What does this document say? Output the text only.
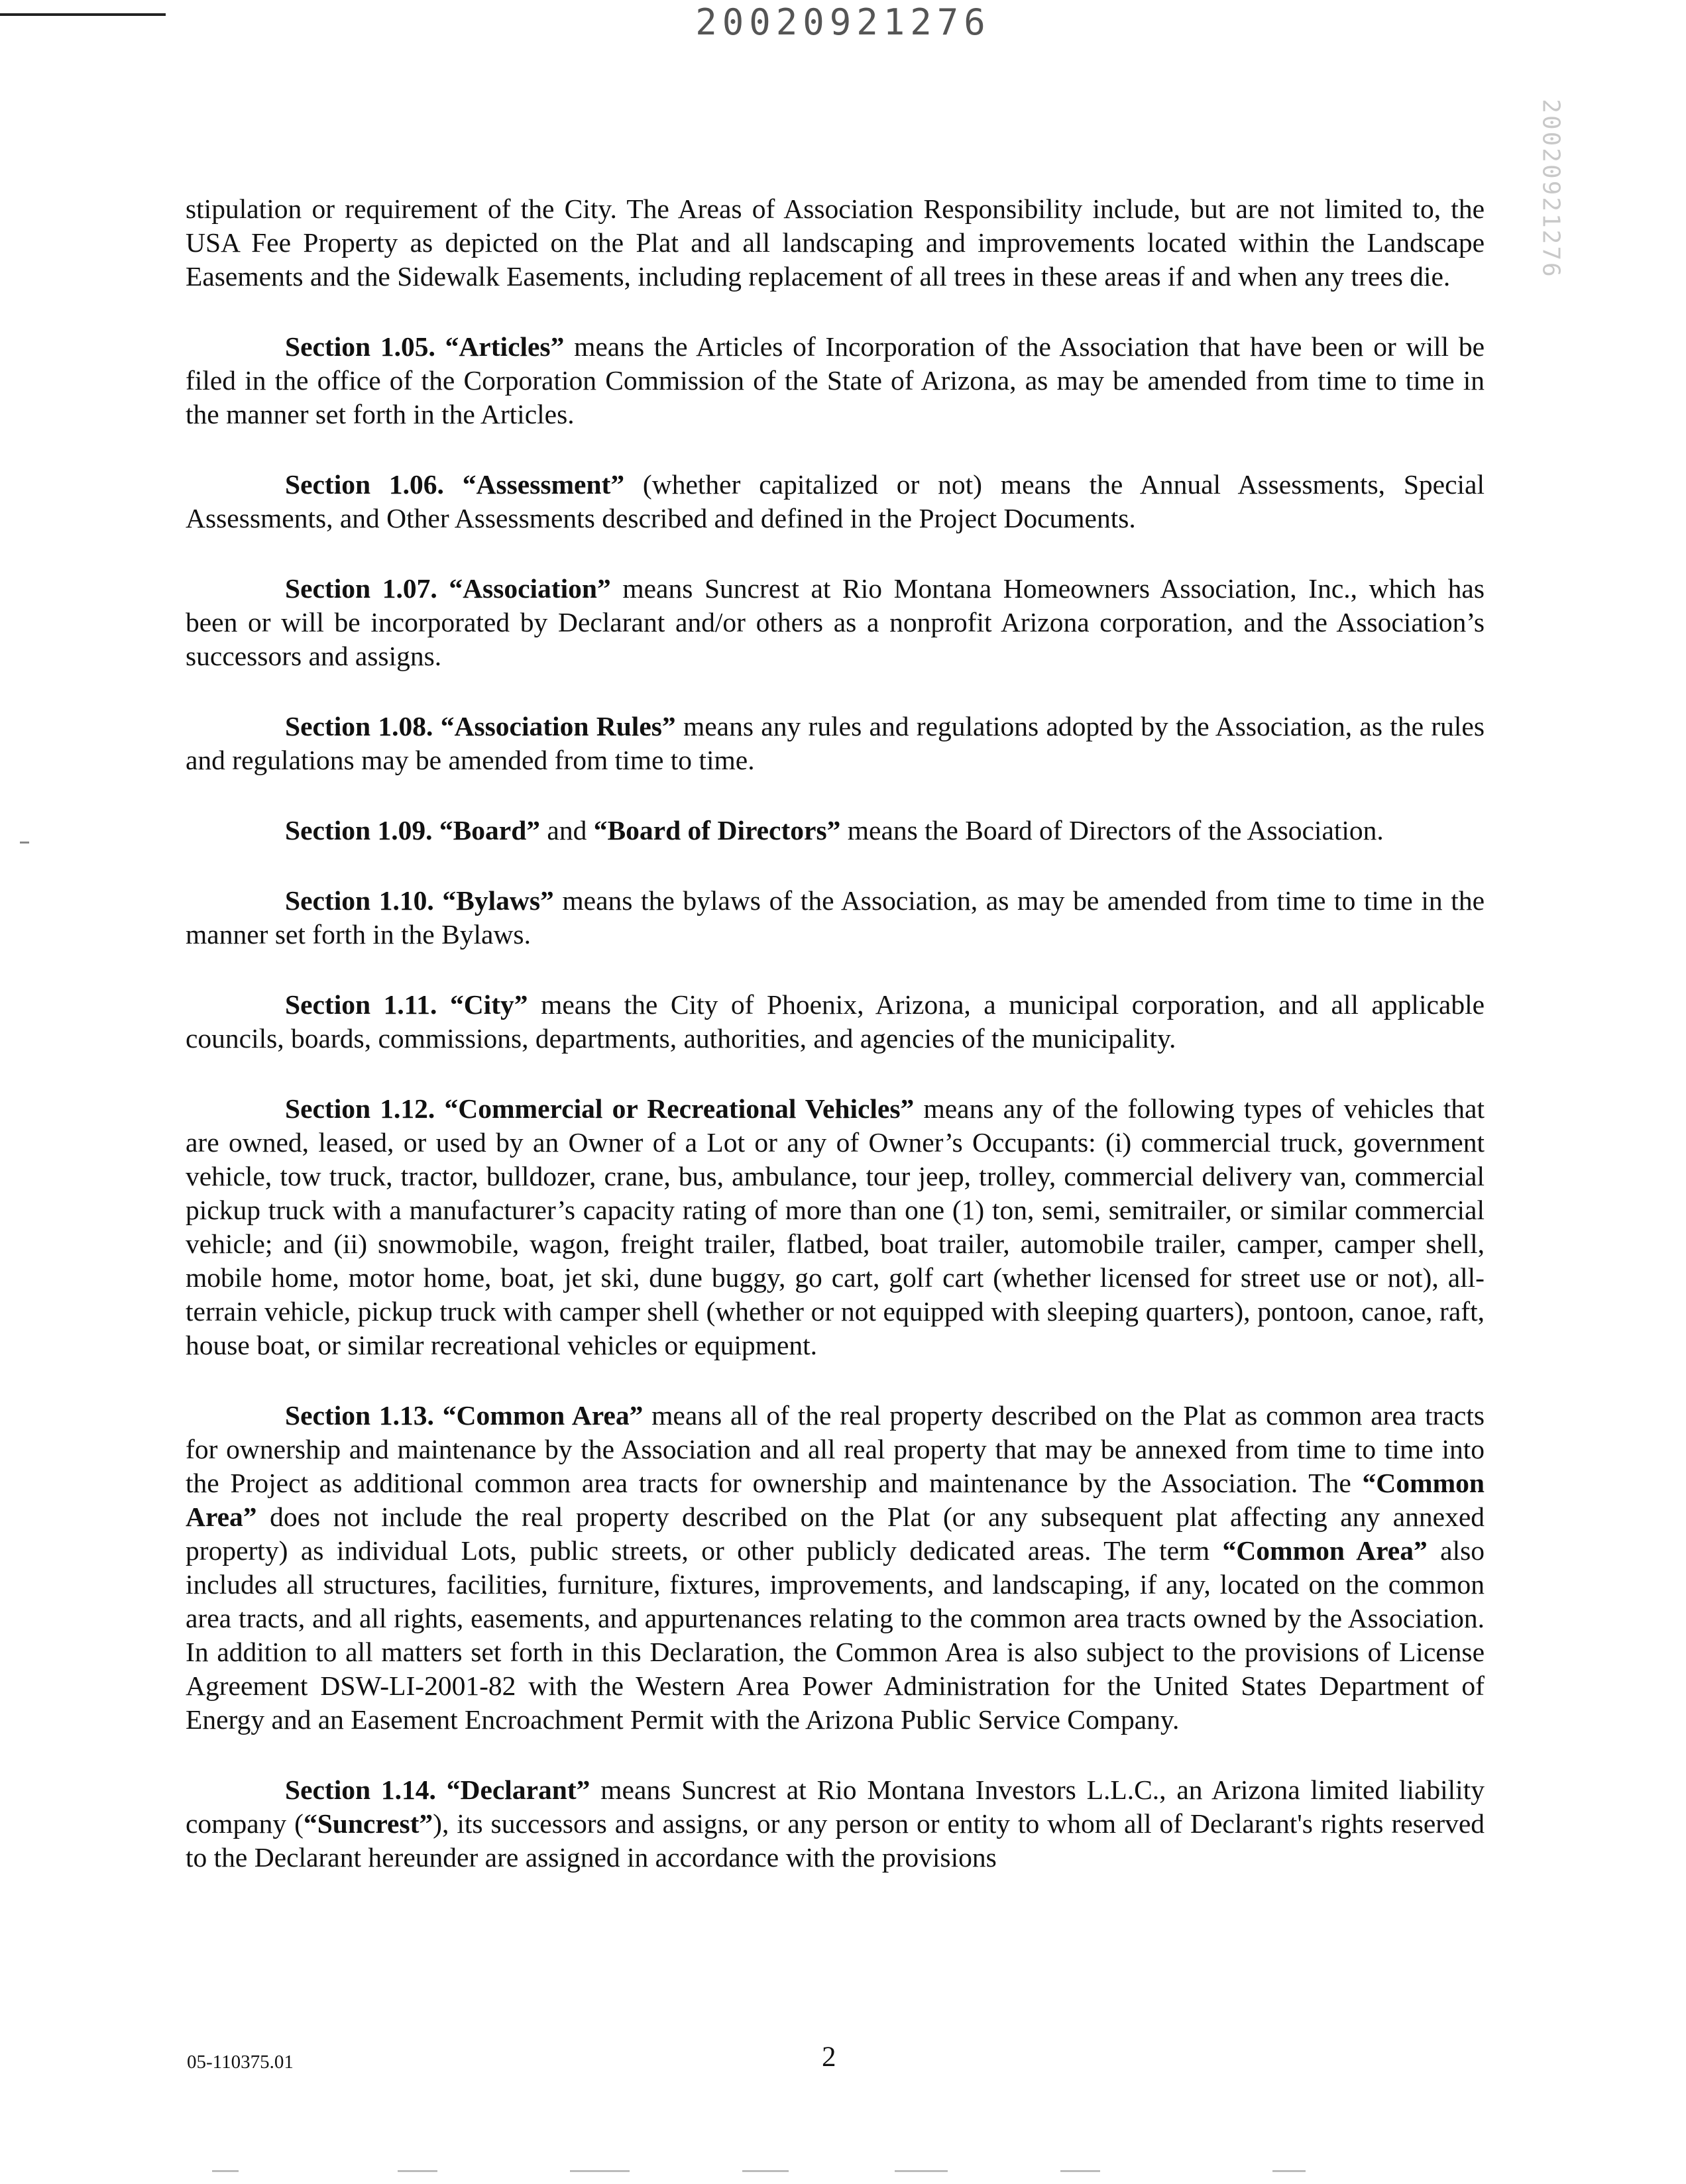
20020921276
20020921276

stipulation or requirement of the City. The Areas of Association Responsibility include, but are not limited to, the USA Fee Property as depicted on the Plat and all landscaping and improvements located within the Landscape Easements and the Sidewalk Easements, including replacement of all trees in these areas if and when any trees die.

Section 1.05. “Articles” means the Articles of Incorporation of the Association that have been or will be filed in the office of the Corporation Commission of the State of Arizona, as may be amended from time to time in the manner set forth in the Articles.

Section 1.06. “Assessment” (whether capitalized or not) means the Annual Assessments, Special Assessments, and Other Assessments described and defined in the Project Documents.

Section 1.07. “Association” means Suncrest at Rio Montana Homeowners Association, Inc., which has been or will be incorporated by Declarant and/or others as a nonprofit Arizona corporation, and the Association’s successors and assigns.

Section 1.08. “Association Rules” means any rules and regulations adopted by the Association, as the rules and regulations may be amended from time to time.

Section 1.09. “Board” and “Board of Directors” means the Board of Directors of the Association.

Section 1.10. “Bylaws” means the bylaws of the Association, as may be amended from time to time in the manner set forth in the Bylaws.

Section 1.11. “City” means the City of Phoenix, Arizona, a municipal corporation, and all applicable councils, boards, commissions, departments, authorities, and agencies of the municipality.

Section 1.12. “Commercial or Recreational Vehicles” means any of the following types of vehicles that are owned, leased, or used by an Owner of a Lot or any of Owner’s Occupants: (i) commercial truck, government vehicle, tow truck, tractor, bulldozer, crane, bus, ambulance, tour jeep, trolley, commercial delivery van, commercial pickup truck with a manufacturer’s capacity rating of more than one (1) ton, semi, semitrailer, or similar commercial vehicle; and (ii) snowmobile, wagon, freight trailer, flatbed, boat trailer, automobile trailer, camper, camper shell, mobile home, motor home, boat, jet ski, dune buggy, go cart, golf cart (whether licensed for street use or not), all-terrain vehicle, pickup truck with camper shell (whether or not equipped with sleeping quarters), pontoon, canoe, raft, house boat, or similar recreational vehicles or equipment.

Section 1.13. “Common Area” means all of the real property described on the Plat as common area tracts for ownership and maintenance by the Association and all real property that may be annexed from time to time into the Project as additional common area tracts for ownership and maintenance by the Association. The “Common Area” does not include the real property described on the Plat (or any subsequent plat affecting any annexed property) as individual Lots, public streets, or other publicly dedicated areas. The term “Common Area” also includes all structures, facilities, furniture, fixtures, improvements, and landscaping, if any, located on the common area tracts, and all rights, easements, and appurtenances relating to the common area tracts owned by the Association. In addition to all matters set forth in this Declaration, the Common Area is also subject to the provisions of License Agreement DSW-LI-2001-82 with the Western Area Power Administration for the United States Department of Energy and an Easement Encroachment Permit with the Arizona Public Service Company.

Section 1.14. “Declarant” means Suncrest at Rio Montana Investors L.L.C., an Arizona limited liability company (“Suncrest”), its successors and assigns, or any person or entity to whom all of Declarant's rights reserved to the Declarant hereunder are assigned in accordance with the provisions

05-110375.01	2
